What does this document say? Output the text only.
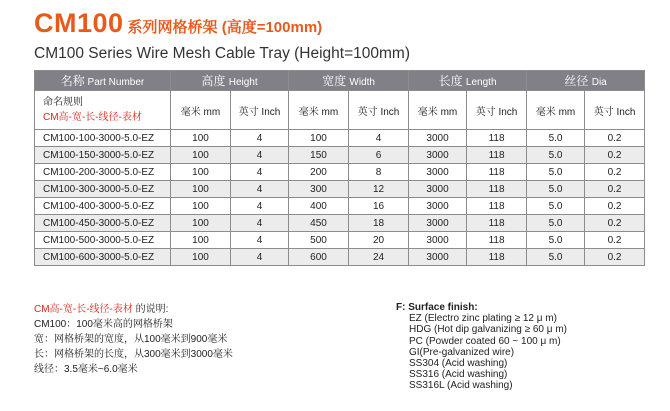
CM100 系列网格桥架 (高度=100mm)
CM100 Series Wire Mesh Cable Tray (Height=100mm)
名称 Part Number	高度 Height		宽度 Width		长度 Length		丝径 Dia	

命名规则
CM高-宽-长-线径-表材	毫米 mm	英寸 Inch	毫米 mm	英寸 Inch	毫米 mm	英寸 Inch	毫米 mm	英寸 Inch
CM100-100-3000-5.0-EZ	100	4	100	4	3000	118	5.0	0.2
CM100-150-3000-5.0-EZ	100	4	150	6	3000	118	5.0	0.2
CM100-200-3000-5.0-EZ	100	4	200	8	3000	118	5.0	0.2
CM100-300-3000-5.0-EZ	100	4	300	12	3000	118	5.0	0.2
CM100-400-3000-5.0-EZ	100	4	400	16	3000	118	5.0	0.2
CM100-450-3000-5.0-EZ	100	4	450	18	3000	118	5.0	0.2
CM100-500-3000-5.0-EZ	100	4	500	20	3000	118	5.0	0.2
CM100-600-3000-5.0-EZ	100	4	600	24	3000	118	5.0	0.2
CM高-宽-长-线径-表材 的说明:
CM100：100毫米高的网格桥架
宽：网格桥架的宽度，从100毫米到900毫米
长：网格桥架的长度，从300毫米到3000毫米
线径：3.5毫米~6.0毫米
F: Surface finish:
EZ (Electro zinc plating ≥ 12 μ m)
HDG (Hot dip galvanizing ≥ 60 μ m)
PC (Powder coated 60 ~ 100 μ m)
GI(Pre-galvanized wire)
SS304 (Acid washing)
SS316 (Acid washing)
SS316L (Acid washing)
